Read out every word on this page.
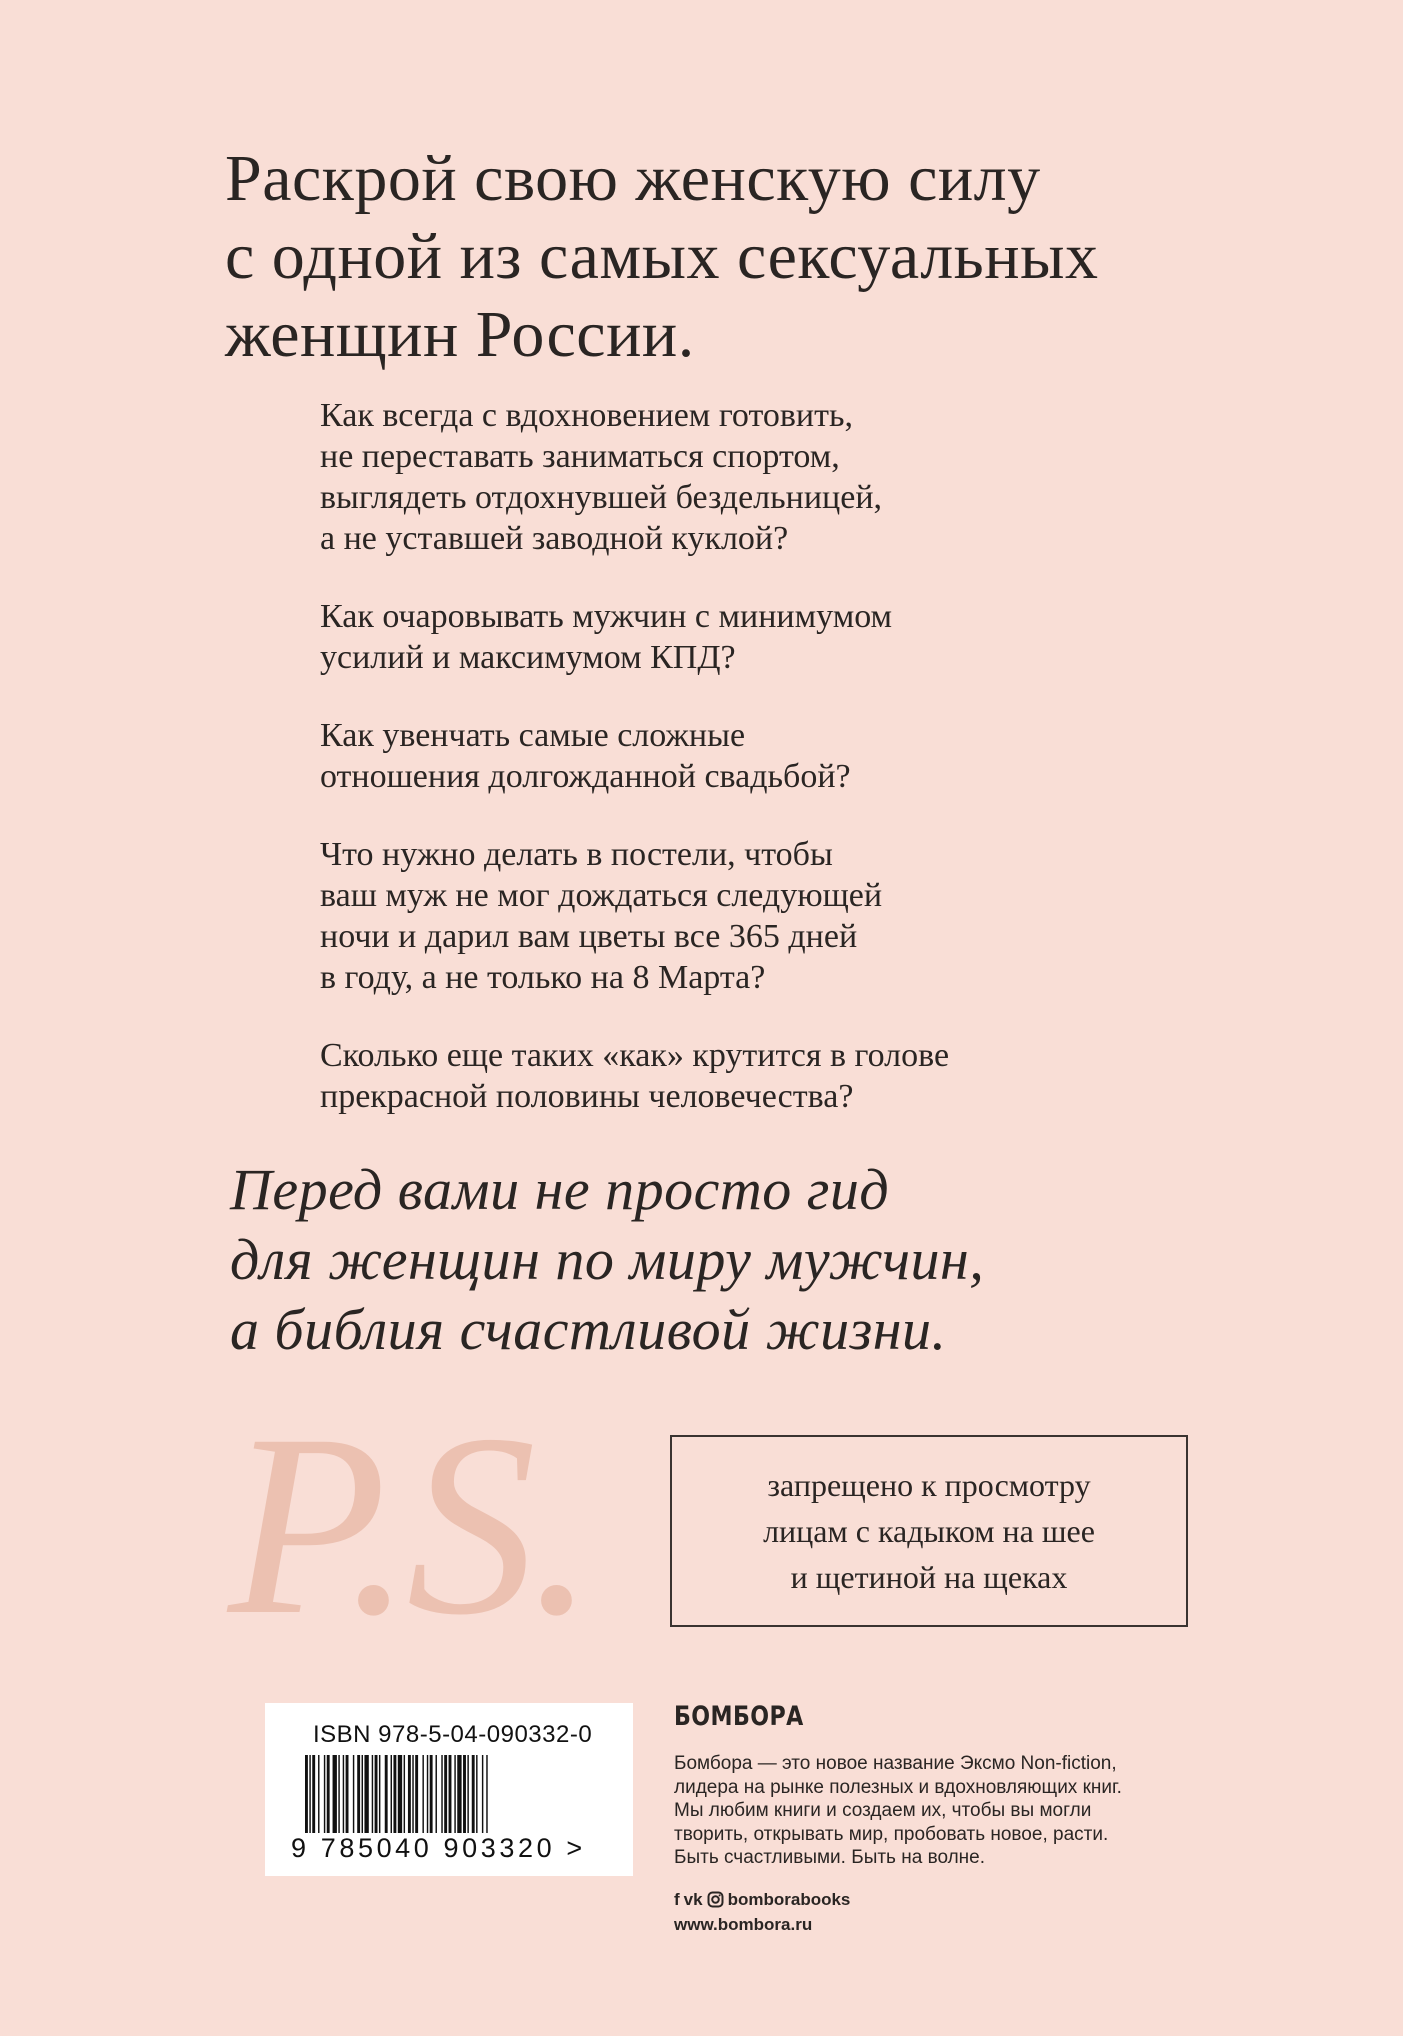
Раскрой свою женскую силу
с одной из самых сексуальных
женщин России.
Как всегда с вдохновением готовить,
не переставать заниматься спортом,
выглядеть отдохнувшей бездельницей,
а не уставшей заводной куклой?
Как очаровывать мужчин с минимумом
усилий и максимумом КПД?
Как увенчать самые сложные
отношения долгожданной свадьбой?
Что нужно делать в постели, чтобы
ваш муж не мог дождаться следующей
ночи и дарил вам цветы все 365 дней
в году, а не только на 8 Марта?
Сколько еще таких «как» крутится в голове
прекрасной половины человечества?
Перед вами не просто гид
для женщин по миру мужчин,
а библия счастливой жизни.
P.S.	запрещено к просмотру
лицам с кадыком на шее
и щетиной на щеках
ISBN 978-5-04-090332-0
9 785040 903320 >
БОМБОРА
Бомбора — это новое название Эксмо Non-fiction,
лидера на рынке полезных и вдохновляющих книг.
Мы любим книги и создаем их, чтобы вы могли
творить, открывать мир, пробовать новое, расти.
Быть счастливыми. Быть на волне.
f vk bomborabooks
www.bombora.ru
